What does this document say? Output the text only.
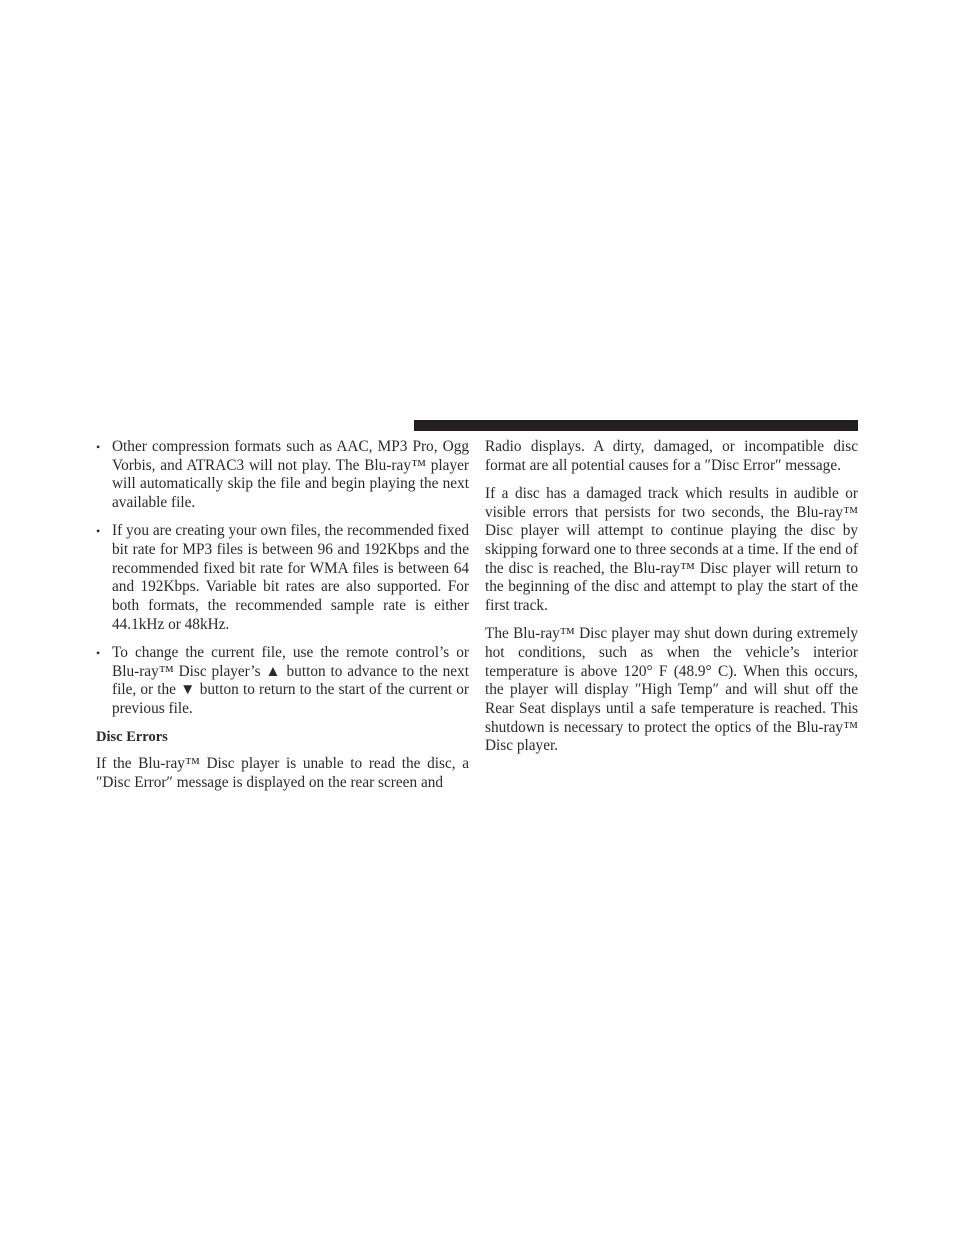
• Other compression formats such as AAC, MP3 Pro, Ogg Vorbis, and ATRAC3 will not play. The Blu-ray™ player will automatically skip the file and begin playing the next available file.
• If you are creating your own files, the recommended fixed bit rate for MP3 files is between 96 and 192Kbps and the recommended fixed bit rate for WMA files is between 64 and 192Kbps. Variable bit rates are also supported. For both formats, the recommended sample rate is either 44.1kHz or 48kHz.
• To change the current file, use the remote control’s or Blu-ray™ Disc player’s ▲ button to advance to the next file, or the ▼ button to return to the start of the current or previous file.
Disc Errors

If the Blu-ray™ Disc player is unable to read the disc, a ″Disc Error″ message is displayed on the rear screen and

Radio displays. A dirty, damaged, or incompatible disc format are all potential causes for a ″Disc Error″ message.

If a disc has a damaged track which results in audible or visible errors that persists for two seconds, the Blu-ray™ Disc player will attempt to continue playing the disc by skipping forward one to three seconds at a time. If the end of the disc is reached, the Blu-ray™ Disc player will return to the beginning of the disc and attempt to play the start of the first track.

The Blu-ray™ Disc player may shut down during extremely hot conditions, such as when the vehicle’s interior temperature is above 120° F (48.9° C). When this occurs, the player will display ″High Temp″ and will shut off the Rear Seat displays until a safe temperature is reached. This shutdown is necessary to protect the optics of the Blu-ray™ Disc player.
